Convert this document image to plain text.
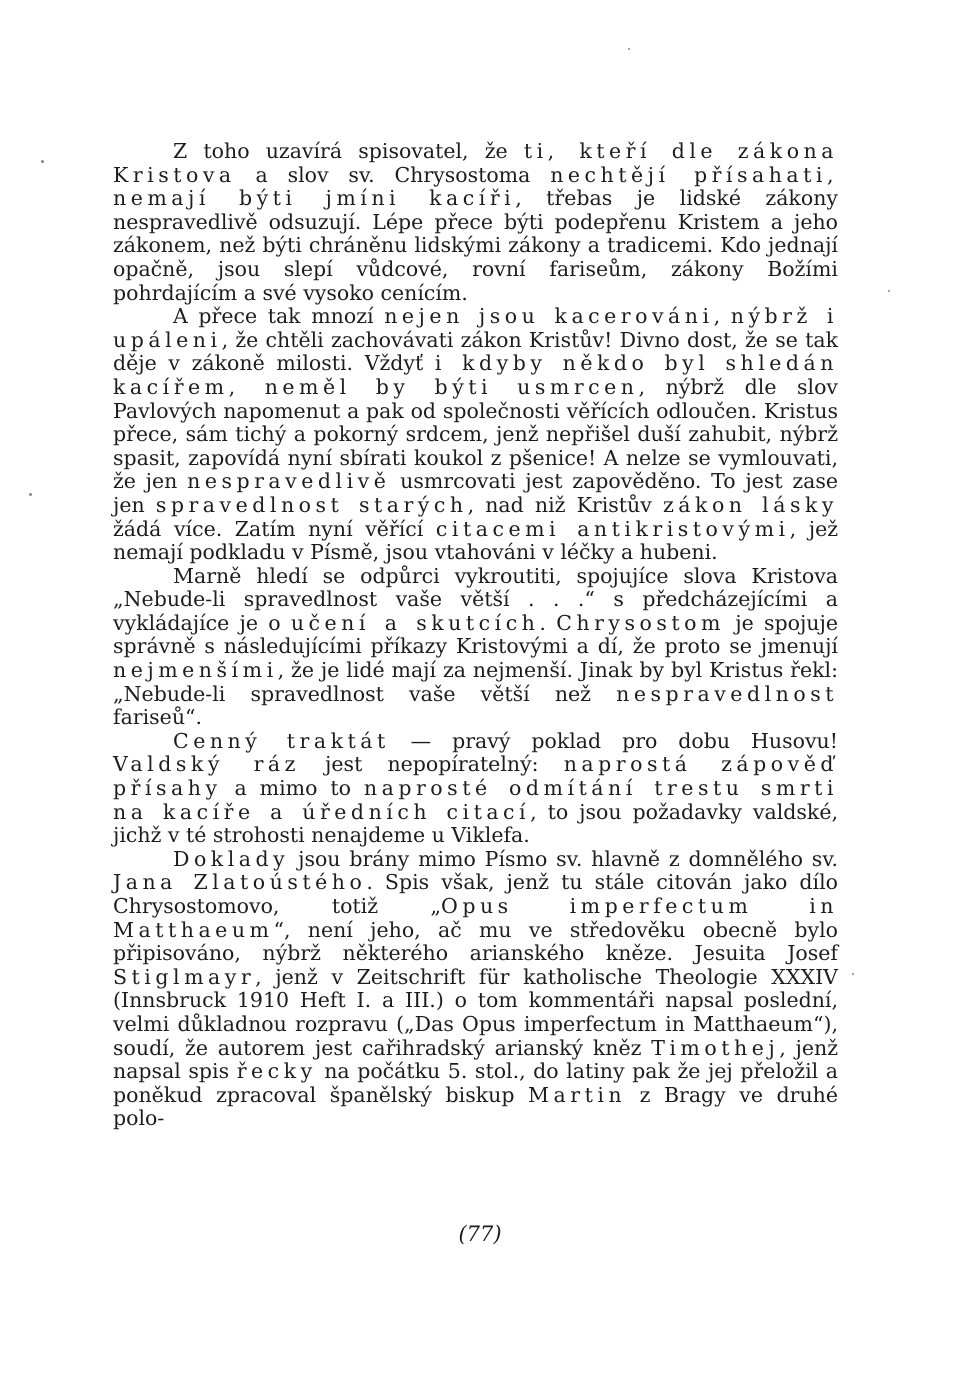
Z toho uzavírá spisovatel, že ti, kteří dle zákona Kristova a slov sv. Chrysostoma nechtějí přísahati, nemají býti jmíni kacíři, třebas je lidské zákony nespravedlivě odsuzují. Lépe přece býti podepřenu Kristem a jeho zákonem, než býti chráněnu lidskými zákony a tradicemi. Kdo jednají opačně, jsou slepí vůdcové, rovní fariseům, zákony Božími pohrdajícím a své vysoko cenícím.

A přece tak mnozí nejen jsou kacerováni, nýbrž i upáleni, že chtěli zachovávati zákon Kristův! Divno dost, že se tak děje v zákoně milosti. Vždyť i kdyby někdo byl shledán kacířem, neměl by býti usmrcen, nýbrž dle slov Pavlových napomenut a pak od společnosti věřících odloučen. Kristus přece, sám tichý a pokorný srdcem, jenž nepřišel duší zahubit, nýbrž spasit, zapovídá nyní sbírati koukol z pšenice! A nelze se vymlouvati, že jen nespravedlivě usmrcovati jest zapověděno. To jest zase jen spravedlnost starých, nad niž Kristův zákon lásky žádá více. Zatím nyní věřící citacemi antikristovými, jež nemají podkladu v Písmě, jsou vtahováni v léčky a hubeni.

Marně hledí se odpůrci vykroutiti, spojujíce slova Kristova „Nebude-li spravedlnost vaše větší . . .“ s předcházejícími a vykládajíce je o učení a skutcích. Chrysostom je spojuje správně s následujícími příkazy Kristovými a dí, že proto se jmenují nejmenšími, že je lidé mají za nejmenší. Jinak by byl Kristus řekl: „Nebude-li spravedlnost vaše větší než nespravedlnost fariseů“.

Cenný traktát — pravý poklad pro dobu Husovu! Valdský ráz jest nepopíratelný: naprostá zápověď přísahy a mimo to naprosté odmítání trestu smrti na kacíře a úředních citací, to jsou požadavky valdské, jichž v té strohosti nenajdeme u Viklefa.

Doklady jsou brány mimo Písmo sv. hlavně z domnělého sv. Jana Zlatoústého. Spis však, jenž tu stále citován jako dílo Chrysostomovo, totiž „Opus imperfectum in Matthaeum“, není jeho, ač mu ve středověku obecně bylo připisováno, nýbrž některého arianského kněze. Jesuita Josef Stiglmayr, jenž v Zeitschrift für katholische Theologie XXXIV (Innsbruck 1910 Heft I. a III.) o tom kommentáři napsal poslední, velmi důkladnou rozpravu („Das Opus imperfectum in Matthaeum“), soudí, že autorem jest cařihradský arianský kněz Timothej, jenž napsal spis řecky na počátku 5. stol., do latiny pak že jej přeložil a poněkud zpracoval španělský biskup Martin z Bragy ve druhé polo-

(77)
